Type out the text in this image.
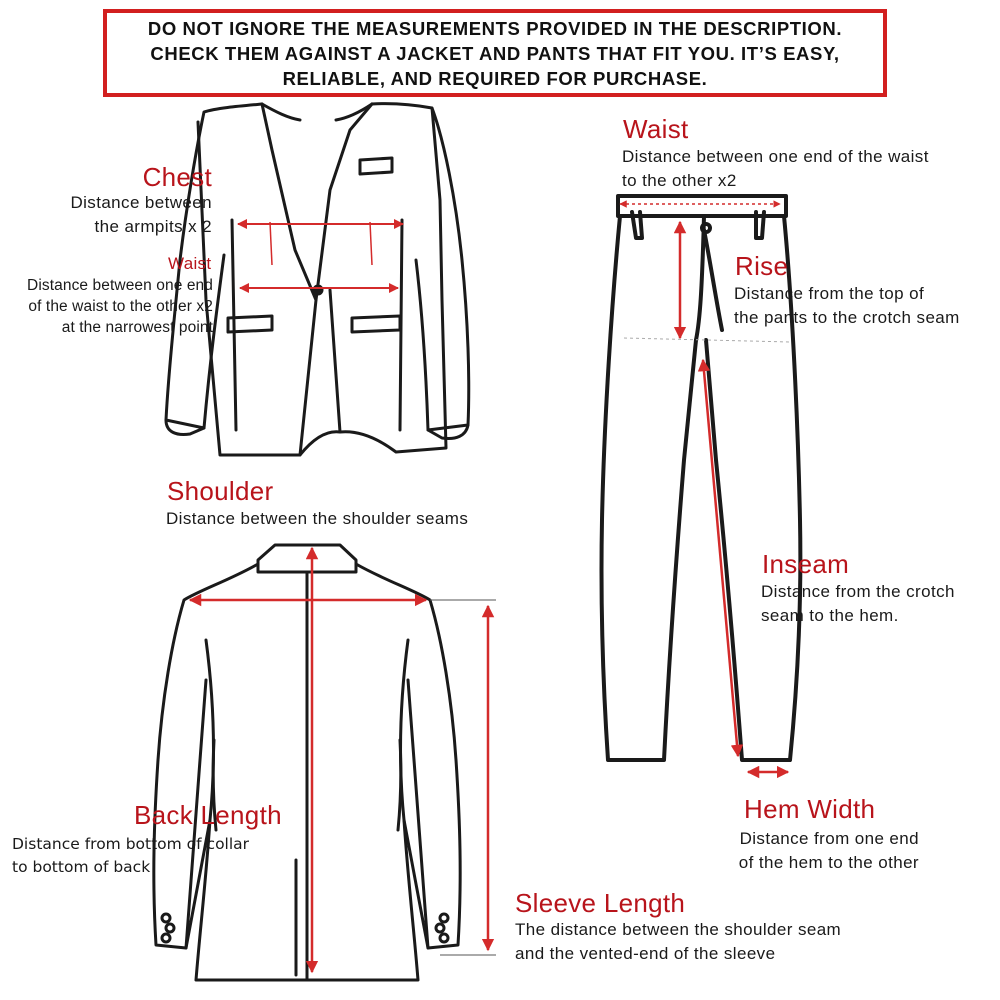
DO NOT IGNORE THE MEASUREMENTS PROVIDED IN THE DESCRIPTION. CHECK THEM AGAINST A JACKET AND PANTS THAT FIT YOU. IT’S EASY, RELIABLE, AND REQUIRED FOR PURCHASE.
Chest
Distance between
the armpits x 2
Waist
Distance between one end
of the waist to the other x2
at the narrowest point
Waist
Distance between one end of the waist
to the other x2
Rise
Distance from the top of
the pants to the crotch seam
Shoulder
Distance between the shoulder seams
Inseam
Distance from the crotch
seam to the hem.
Back Length
Distance from bottom of collar
to bottom of back
Hem Width
Distance from one end
of the hem to the other
Sleeve Length
The distance between the shoulder seam
and the vented-end of the sleeve
